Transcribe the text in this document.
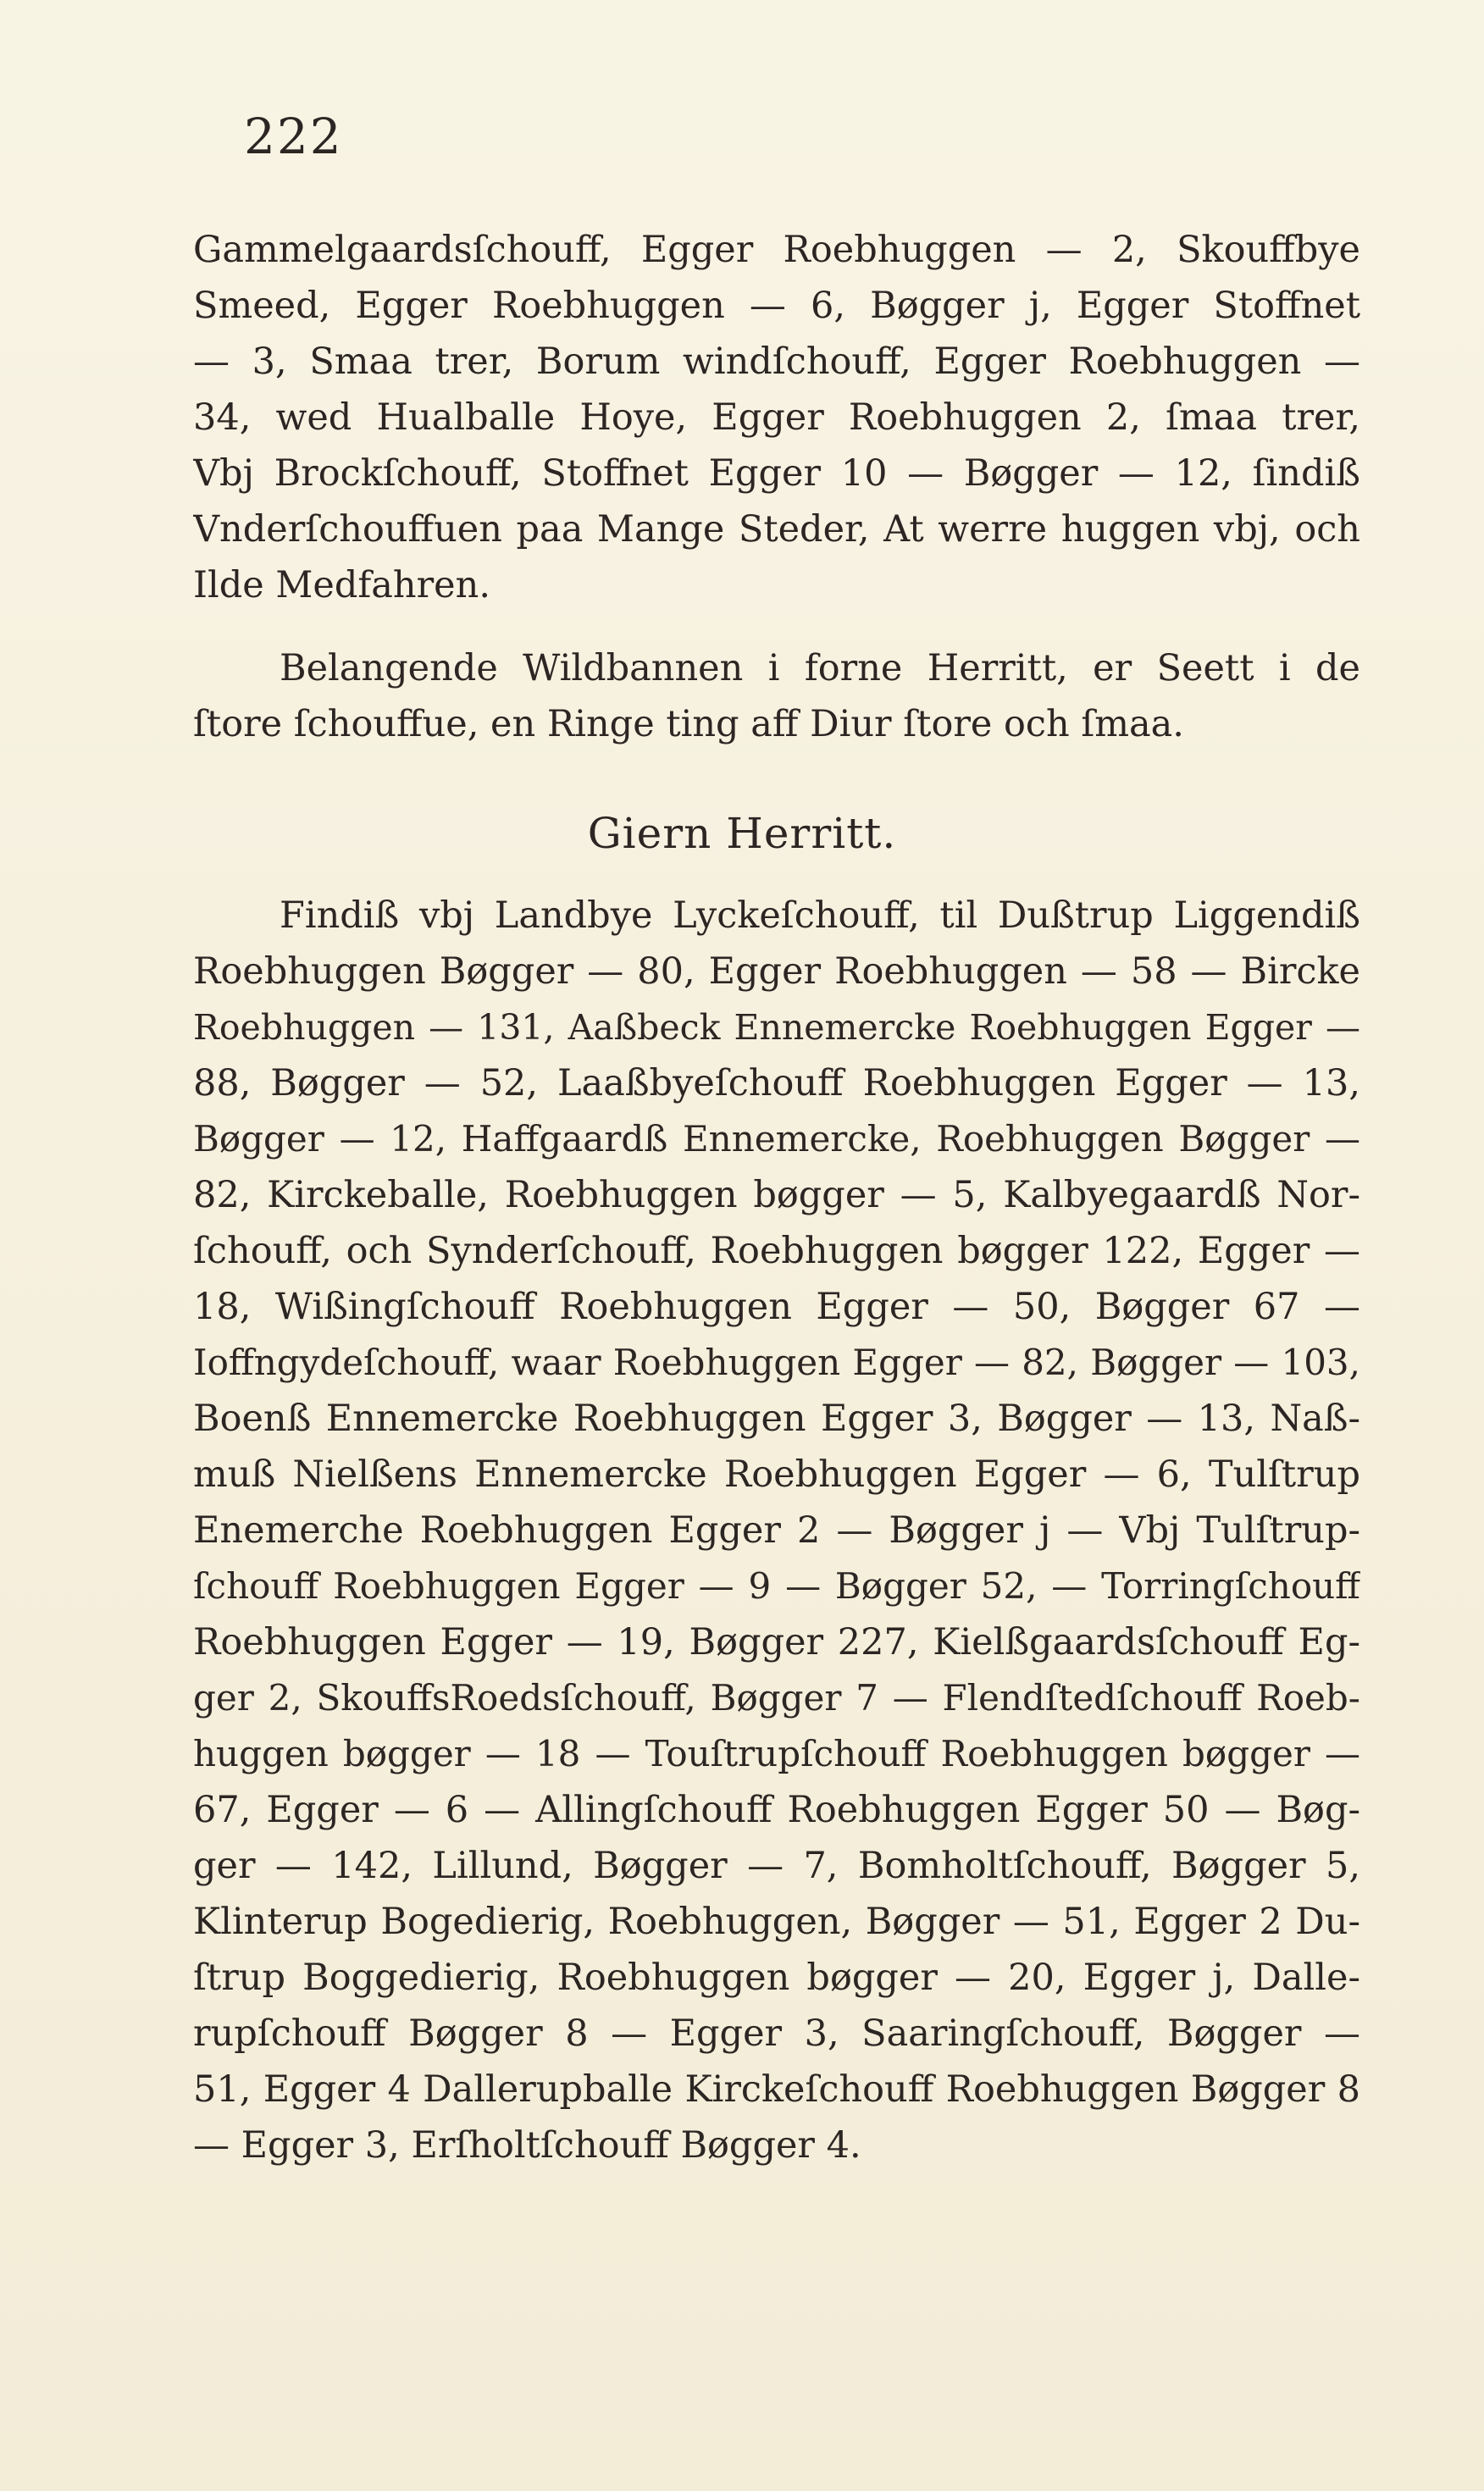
222
Gammelgaardsſchouff, Egger Roebhuggen — 2, Skouffbye
Smeed, Egger Roebhuggen — 6, Bøgger j, Egger Stoffnet
— 3, Smaa trer, Borum windſchouff, Egger Roebhuggen —
34, wed Hualballe Hoye, Egger Roebhuggen 2, ſmaa trer,
Vbj Brockſchouff, Stoffnet Egger 10 — Bøgger — 12, ſindiß
Vnderſchouffuen paa Mange Steder, At werre huggen vbj, och
Ilde Medfahren.
Belangende Wildbannen i forne Herritt, er Seett i de
ſtore ſchouffue, en Ringe ting aff Diur ſtore och ſmaa.
Giern Herritt.
Findiß vbj Landbye Lyckeſchouff, til Dußtrup Liggendiß
Roebhuggen Bøgger — 80, Egger Roebhuggen — 58 — Bircke
Roebhuggen — 131, Aaßbeck Ennemercke Roebhuggen Egger —
88, Bøgger — 52, Laaßbyeſchouff Roebhuggen Egger — 13,
Bøgger — 12, Haffgaardß Ennemercke, Roebhuggen Bøgger —
82, Kirckeballe, Roebhuggen bøgger — 5, Kalbyegaardß Nor-
ſchouff, och Synderſchouff, Roebhuggen bøgger 122, Egger —
18, Wißingſchouff Roebhuggen Egger — 50, Bøgger 67 —
Ioffngydeſchouff, waar Roebhuggen Egger — 82, Bøgger — 103,
Boenß Ennemercke Roebhuggen Egger 3, Bøgger — 13, Naß-
muß Nielßens Ennemercke Roebhuggen Egger — 6, Tulſtrup
Enemerche Roebhuggen Egger 2 — Bøgger j — Vbj Tulſtrup-
ſchouff Roebhuggen Egger — 9 — Bøgger 52, — Torringſchouff
Roebhuggen Egger — 19, Bøgger 227, Kielßgaardsſchouff Eg-
ger 2, SkouffsRoedsſchouff, Bøgger 7 — Flendſtedſchouff Roeb-
huggen bøgger — 18 — Touſtrupſchouff Roebhuggen bøgger —
67, Egger — 6 — Allingſchouff Roebhuggen Egger 50 — Bøg-
ger — 142, Lillund, Bøgger — 7, Bomholtſchouff, Bøgger 5,
Klinterup Bogedierig, Roebhuggen, Bøgger — 51, Egger 2 Du-
ſtrup Boggedierig, Roebhuggen bøgger — 20, Egger j, Dalle-
rupſchouff Bøgger 8 — Egger 3, Saaringſchouff, Bøgger —
51, Egger 4 Dallerupballe Kirckeſchouff Roebhuggen Bøgger 8
— Egger 3, Erſholtſchouff Bøgger 4.
